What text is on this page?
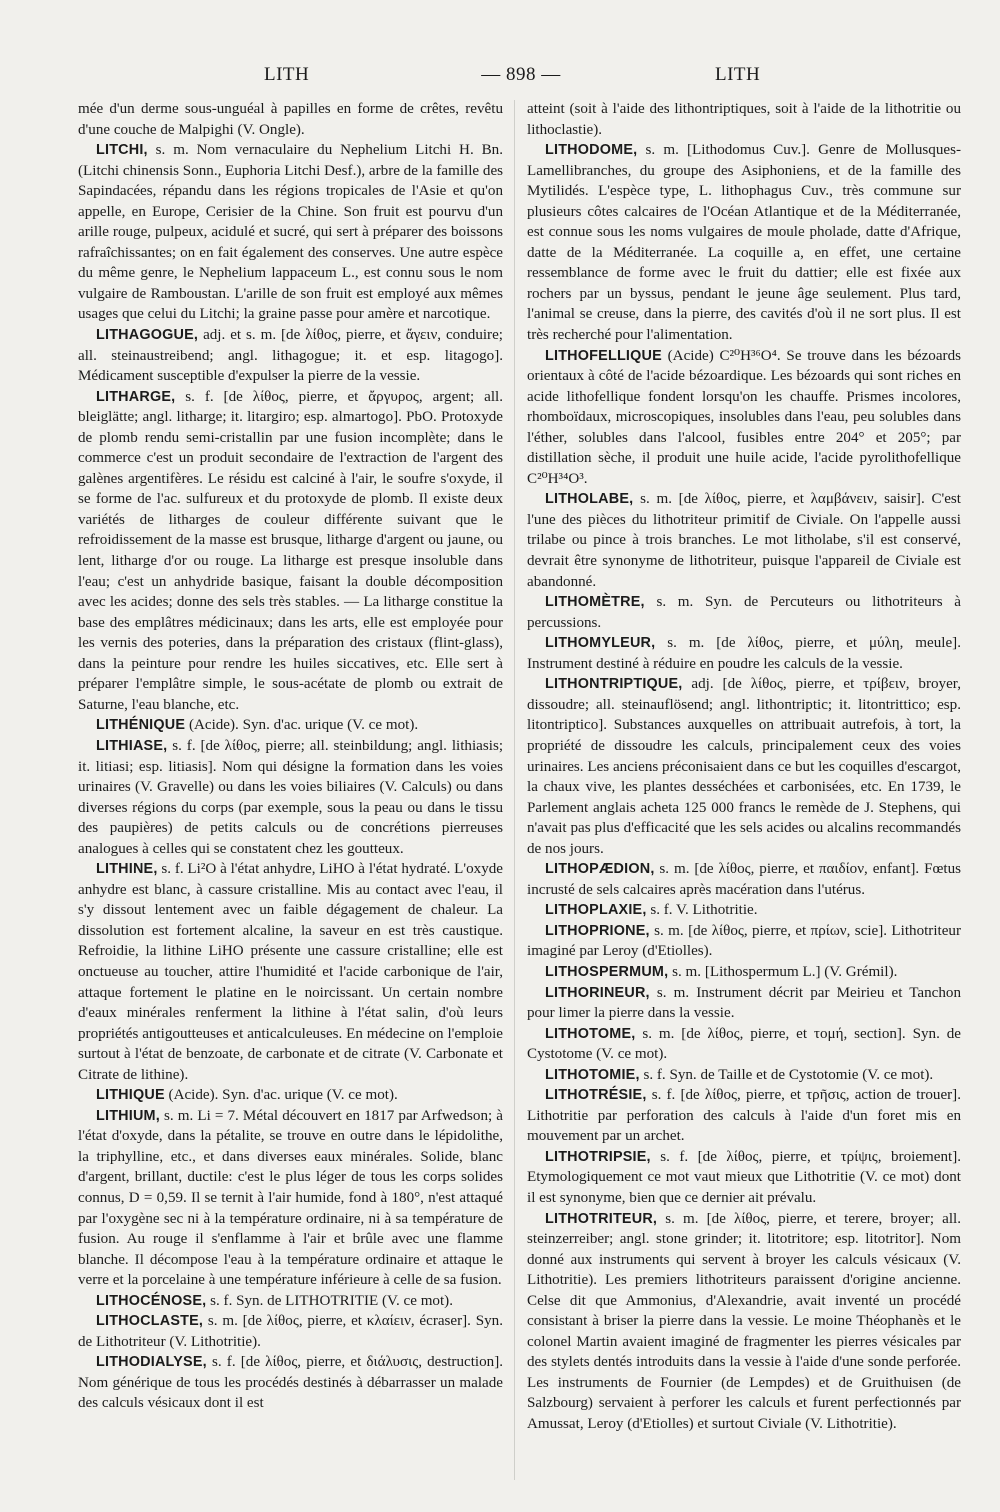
LITH	— 898 —	LITH

mée d'un derme sous-unguéal à papilles en forme de crêtes, revêtu d'une couche de Malpighi (V. Ongle).

LITCHI, s. m. Nom vernaculaire du Nephelium Litchi H. Bn. (Litchi chinensis Sonn., Euphoria Litchi Desf.), arbre de la famille des Sapindacées, répandu dans les régions tropicales de l'Asie et qu'on appelle, en Europe, Cerisier de la Chine. Son fruit est pourvu d'un arille rouge, pulpeux, acidulé et sucré, qui sert à préparer des boissons rafraîchissantes; on en fait également des conserves. Une autre espèce du même genre, le Nephelium lappaceum L., est connu sous le nom vulgaire de Ramboustan. L'arille de son fruit est employé aux mêmes usages que celui du Litchi; la graine passe pour amère et narcotique.

LITHAGOGUE, adj. et s. m. [de λίθος, pierre, et ἄγειν, conduire; all. steinaustreibend; angl. lithagogue; it. et esp. litagogo]. Médicament susceptible d'expulser la pierre de la vessie.

LITHARGE, s. f. [de λίθος, pierre, et ἄργυρος, argent; all. bleiglätte; angl. litharge; it. litargiro; esp. almartogo]. PbO. Protoxyde de plomb rendu semi-cristallin par une fusion incomplète; dans le commerce c'est un produit secondaire de l'extraction de l'argent des galènes argentifères. Le résidu est calciné à l'air, le soufre s'oxyde, il se forme de l'ac. sulfureux et du protoxyde de plomb. Il existe deux variétés de litharges de couleur différente suivant que le refroidissement de la masse est brusque, litharge d'argent ou jaune, ou lent, litharge d'or ou rouge. La litharge est presque insoluble dans l'eau; c'est un anhydride basique, faisant la double décomposition avec les acides; donne des sels très stables. — La litharge constitue la base des emplâtres médicinaux; dans les arts, elle est employée pour les vernis des poteries, dans la préparation des cristaux (flint-glass), dans la peinture pour rendre les huiles siccatives, etc. Elle sert à préparer l'emplâtre simple, le sous-acétate de plomb ou extrait de Saturne, l'eau blanche, etc.

LITHÉNIQUE (Acide). Syn. d'ac. urique (V. ce mot).

LITHIASE, s. f. [de λίθος, pierre; all. steinbildung; angl. lithiasis; it. litiasi; esp. litiasis]. Nom qui désigne la formation dans les voies urinaires (V. Gravelle) ou dans les voies biliaires (V. Calculs) ou dans diverses régions du corps (par exemple, sous la peau ou dans le tissu des paupières) de petits calculs ou de concrétions pierreuses analogues à celles qui se constatent chez les goutteux.

LITHINE, s. f. Li²O à l'état anhydre, LiHO à l'état hydraté. L'oxyde anhydre est blanc, à cassure cristalline. Mis au contact avec l'eau, il s'y dissout lentement avec un faible dégagement de chaleur. La dissolution est fortement alcaline, la saveur en est très caustique. Refroidie, la lithine LiHO présente une cassure cristalline; elle est onctueuse au toucher, attire l'humidité et l'acide carbonique de l'air, attaque fortement le platine en le noircissant. Un certain nombre d'eaux minérales renferment la lithine à l'état salin, d'où leurs propriétés antigoutteuses et anticalculeuses. En médecine on l'emploie surtout à l'état de benzoate, de carbonate et de citrate (V. Carbonate et Citrate de lithine).

LITHIQUE (Acide). Syn. d'ac. urique (V. ce mot).

LITHIUM, s. m. Li = 7. Métal découvert en 1817 par Arfwedson; à l'état d'oxyde, dans la pétalite, se trouve en outre dans le lépidolithe, la triphylline, etc., et dans diverses eaux minérales. Solide, blanc d'argent, brillant, ductile: c'est le plus léger de tous les corps solides connus, D = 0,59. Il se ternit à l'air humide, fond à 180°, n'est attaqué par l'oxygène sec ni à la température ordinaire, ni à sa température de fusion. Au rouge il s'enflamme à l'air et brûle avec une flamme blanche. Il décompose l'eau à la température ordinaire et attaque le verre et la porcelaine à une température inférieure à celle de sa fusion.

LITHOCÉNOSE, s. f. Syn. de LITHOTRITIE (V. ce mot).

LITHOCLASTE, s. m. [de λίθος, pierre, et κλαίειν, écraser]. Syn. de Lithotriteur (V. Lithotritie).

LITHODIALYSE, s. f. [de λίθος, pierre, et διάλυσις, destruction]. Nom générique de tous les procédés destinés à débarrasser un malade des calculs vésicaux dont il est

atteint (soit à l'aide des lithontriptiques, soit à l'aide de la lithotritie ou lithoclastie).

LITHODOME, s. m. [Lithodomus Cuv.]. Genre de Mollusques-Lamellibranches, du groupe des Asiphoniens, et de la famille des Mytilidés. L'espèce type, L. lithophagus Cuv., très commune sur plusieurs côtes calcaires de l'Océan Atlantique et de la Méditerranée, est connue sous les noms vulgaires de moule pholade, datte d'Afrique, datte de la Méditerranée. La coquille a, en effet, une certaine ressemblance de forme avec le fruit du dattier; elle est fixée aux rochers par un byssus, pendant le jeune âge seulement. Plus tard, l'animal se creuse, dans la pierre, des cavités d'où il ne sort plus. Il est très recherché pour l'alimentation.

LITHOFELLIQUE (Acide) C²⁰H³⁶O⁴. Se trouve dans les bézoards orientaux à côté de l'acide bézoardique. Les bézoards qui sont riches en acide lithofellique fondent lorsqu'on les chauffe. Prismes incolores, rhomboïdaux, microscopiques, insolubles dans l'eau, peu solubles dans l'éther, solubles dans l'alcool, fusibles entre 204° et 205°; par distillation sèche, il produit une huile acide, l'acide pyrolithofellique C²⁰H³⁴O³.

LITHOLABE, s. m. [de λίθος, pierre, et λαμβάνειν, saisir]. C'est l'une des pièces du lithotriteur primitif de Civiale. On l'appelle aussi trilabe ou pince à trois branches. Le mot litholabe, s'il est conservé, devrait être synonyme de lithotriteur, puisque l'appareil de Civiale est abandonné.

LITHOMÈTRE, s. m. Syn. de Percuteurs ou lithotriteurs à percussions.

LITHOMYLEUR, s. m. [de λίθος, pierre, et μύλη, meule]. Instrument destiné à réduire en poudre les calculs de la vessie.

LITHONTRIPTIQUE, adj. [de λίθος, pierre, et τρίβειν, broyer, dissoudre; all. steinauflösend; angl. lithontriptic; it. litontrittico; esp. litontriptico]. Substances auxquelles on attribuait autrefois, à tort, la propriété de dissoudre les calculs, principalement ceux des voies urinaires. Les anciens préconisaient dans ce but les coquilles d'escargot, la chaux vive, les plantes desséchées et carbonisées, etc. En 1739, le Parlement anglais acheta 125 000 francs le remède de J. Stephens, qui n'avait pas plus d'efficacité que les sels acides ou alcalins recommandés de nos jours.

LITHOPÆDION, s. m. [de λίθος, pierre, et παιδίον, enfant]. Fœtus incrusté de sels calcaires après macération dans l'utérus.

LITHOPLAXIE, s. f. V. Lithotritie.

LITHOPRIONE, s. m. [de λίθος, pierre, et πρίων, scie]. Lithotriteur imaginé par Leroy (d'Etiolles).

LITHOSPERMUM, s. m. [Lithospermum L.] (V. Grémil).

LITHORINEUR, s. m. Instrument décrit par Meirieu et Tanchon pour limer la pierre dans la vessie.

LITHOTOME, s. m. [de λίθος, pierre, et τομή, section]. Syn. de Cystotome (V. ce mot).

LITHOTOMIE, s. f. Syn. de Taille et de Cystotomie (V. ce mot).

LITHOTRÉSIE, s. f. [de λίθος, pierre, et τρῆσις, action de trouer]. Lithotritie par perforation des calculs à l'aide d'un foret mis en mouvement par un archet.

LITHOTRIPSIE, s. f. [de λίθος, pierre, et τρίψις, broiement]. Etymologiquement ce mot vaut mieux que Lithotritie (V. ce mot) dont il est synonyme, bien que ce dernier ait prévalu.

LITHOTRITEUR, s. m. [de λίθος, pierre, et terere, broyer; all. steinzerreiber; angl. stone grinder; it. litotritore; esp. litotritor]. Nom donné aux instruments qui servent à broyer les calculs vésicaux (V. Lithotritie). Les premiers lithotriteurs paraissent d'origine ancienne. Celse dit que Ammonius, d'Alexandrie, avait inventé un procédé consistant à briser la pierre dans la vessie. Le moine Théophanès et le colonel Martin avaient imaginé de fragmenter les pierres vésicales par des stylets dentés introduits dans la vessie à l'aide d'une sonde perforée. Les instruments de Fournier (de Lempdes) et de Gruithuisen (de Salzbourg) servaient à perforer les calculs et furent perfectionnés par Amussat, Leroy (d'Etiolles) et surtout Civiale (V. Lithotritie).
